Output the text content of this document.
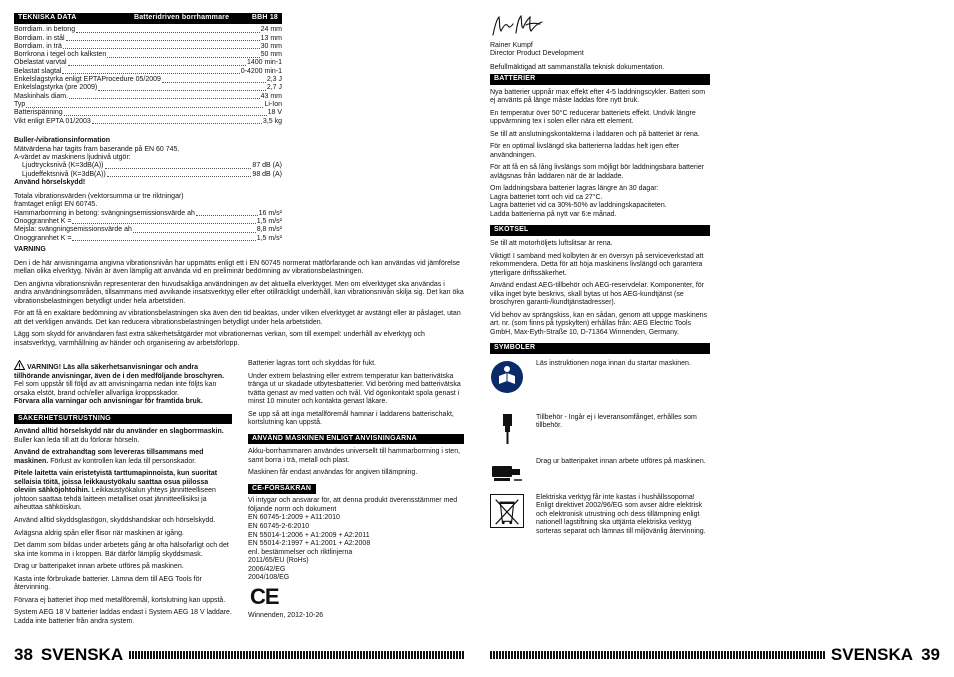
TEKNISKA DATA	Batteridriven borrhammare	BBH 18
Borrdiam. in betong	24 mm
Borrdiam. in stål	13 mm
Borrdiam. in trä	30 mm
Borrkrona i tegel och kalksten	50 mm
Obelastat varvtal	1400 min-1
Belastat slagtal	0-4200 min-1
Enkelslagstyrka enligt EPTAProcedure 05/2009	2,3 J
Enkelslagstyrka (pre 2009)	2,7 J
Maskinhals diam.	43 mm
Typ	Li-Ion
Batterispänning	18 V
Vikt enligt EPTA 01/2003	3,5 kg
Buller-/vibrationsinformation
Mätvärdena har tagits fram baserande på EN 60 745.
A-värdet av maskinens ljudnivå utgör:
Ljudtrycksnivå (K=3dB(A))	87 dB (A)
Ljudeffektsnivå (K=3dB(A))	98 dB (A)
Använd hörselskydd!
Totala vibrationsvärden (vektorsumma ur tre riktningar)
framtaget enligt EN 60745.
Hammarborrning in betong: svängningsemissionsvärde ah	16 m/s²
Onoggrannhet K =	1,5 m/s²
Mejsla: svängningsemissionsvärde ah	8,8 m/s²
Onoggrannhet K =	1,5 m/s²
VARNING

Den i de här anvisningarna angivna vibrationsnivån har uppmätts enligt ett i EN 60745 normerat mätförfarande och kan användas vid jämförelse mellan olika elverktyg. Nivån är även lämplig att använda vid en preliminär bedömning av vibrationsbelastningen.

Den angivna vibrationsnivån representerar den huvudsakliga användningen av det aktuella elverktyget. Men om elverktyget ska användas i andra användningsområden, tillsammans med avvikande insatsverktyg eller efter otillräckligt underhåll, kan vibrationsnivån skilja sig. Det kan öka vibrationsbelastningen betydligt under hela arbetstiden.

För att få en exaktare bedömning av vibrationsbelastningen ska även den tid beaktas, under vilken elverktyget är avstängt eller är påslaget, utan att det verkligen används. Det kan reducera vibrationsbelastningen betydligt under hela arbetstiden.

Lägg som skydd för användaren fast extra säkerhetsåtgärder mot vibrationernas verkan, som till exempel: underhåll av elverktyg och insatsverktyg, varmhållning av händer och organisering av arbetsförlopp.

VARNING! Läs alla säkerhetsanvisningar och andra tillhörande anvisningar, även de i den medföljande broschyren. Fel som uppstår till följd av att anvisningarna nedan inte följts kan orsaka elstöt, brand och/eller allvarliga kroppsskador.
Förvara alla varningar och anvisningar för framtida bruk.

SÄKERHETSUTRUSTNING

Använd alltid hörselskydd när du använder en slagborrmaskin. Buller kan leda till att du förlorar hörseln.

Använd de extrahandtag som levereras tillsammans med maskinen. Förlust av kontrollen kan leda till personskador.

Pitele laitetta vain eristetyistä tarttumapinnoista, kun suoritat sellaisia töitä, joissa leikkaustyökalu saattaa osua piilossa oleviin sähköjohtoihin. Leikkaustyökalun yhteys jännitteelliseen johtoon saattaa tehdä laitteen metalliset osat jännitteellisiksi ja aiheuttaa sähköiskun.

Använd alltid skyddsglasögon, skyddshandskar och hörselskydd.

Avlägsna aldrig spån eller flisor när maskinen är igång.

Det damm som bildas under arbetets gång är ofta hälsofarligt och det ska inte komma in i kroppen. Bär därför lämplig skyddsmask.

Drag ur batteripaket innan arbete utföres på maskinen.

Kasta inte förbrukade batterier. Lämna dem till AEG Tools för återvinning.

Förvara ej batteriet ihop med metallföremål, kortslutning kan uppstå.

System AEG 18 V batterier laddas endast i System AEG 18 V laddare. Ladda inte batterier från andra system.

Batterier lagras torrt och skyddas för fukt.

Under extrem belastning eller extrem temperatur kan batterivätska tränga ut ur skadade utbytesbatterier. Vid beröring med batterivätska tvätta genast av med vatten och tvål. Vid ögonkontakt spola genast i minst 10 minuter och kontakta genast läkare.

Se upp så att inga metallföremål hamnar i laddarens batterischakt, kortslutning kan uppstå.

ANVÄND MASKINEN ENLIGT ANVISNINGARNA

Akku-borrhammaren användes universellt till hammarborrning i sten, samt borra i trä, metall och plast.

Maskinen får endast användas för angiven tillämpning.

CE-FÖRSÄKRAN
Vi intygar och ansvarar för, att denna produkt överensstämmer med följande norm och dokument
EN 60745-1:2009 + A11:2010
EN 60745-2-6:2010
EN 55014-1:2006 + A1:2009 + A2:2011
EN 55014-2:1997 + A1:2001 + A2:2008
enl. bestämmelser och riktlinjerna
2011/65/EU (RoHs)
2006/42/EG
2004/108/EG
CE
Winnenden, 2012-10-26
38 SVENSKA
Rainer Kumpf
Director Product Development
Befullmäktigad att sammanställa teknisk dokumentation.
BATTERIER

Nya batterier uppnår max effekt efter 4-5 laddningscykler. Batteri som ej använts på länge måste laddas före nytt bruk.

En temperatur över 50°C reducerar batteriets effekt. Undvik längre uppvärmning tex i solen eller nära ett element.

Se till att anslutningskontakterna i laddaren och på batteriet är rena.

För en optimal livslängd ska batterierna laddas helt igen efter användningen.

För att få en så lång livslängs som möjligt bör laddningsbara batterier avlägsnas från laddaren när de är laddade.

Om laddningsbara batterier lagras längre än 30 dagar:
Lagra batteriet torrt och vid ca 27°C.
Lagra batteriet vid ca 30%-50% av laddningskapaciteten.
Ladda batterierna på nytt var 6:e månad.

SKÖTSEL

Se till att motorhöljets luftslitsar är rena.

Viktigt! I samband med kolbyten är en översyn på serviceverkstad att rekommendera. Detta för att höja maskinens livslängd och garantera ytterligare driftssäkerhet.

Använd endast AEG-tillbehör och AEG-reservdelar. Komponenter, för vilka inget byte beskrivs, skall bytas ut hos AEG-kundtjänst (se broschyren garanti-/kundtjänstadresser).

Vid behov av sprängskiss, kan en sådan, genom att uppge maskinens art. nr. (som finns på typskylten) erhållas från: AEG Electric Tools GmbH, Max-Eyth-Straße 10, D-71364 Winnenden, Germany.

SYMBOLER
Läs instruktionen noga innan du startar maskinen.
Tillbehör - Ingår ej i leveransomfånget, erhålles som tillbehör.
Drag ur batteripaket innan arbete utföres på maskinen.
Elektriska verktyg får inte kastas i hushållssoporna! Enligt direktivet 2002/96/EG som avser äldre elektrisk och elektronisk utrustning och dess tillämpning enligt nationell lagstiftning ska uttjänta elektriska verktyg sorteras separat och lämnas till miljövänlig återvinning.
SVENSKA 39
